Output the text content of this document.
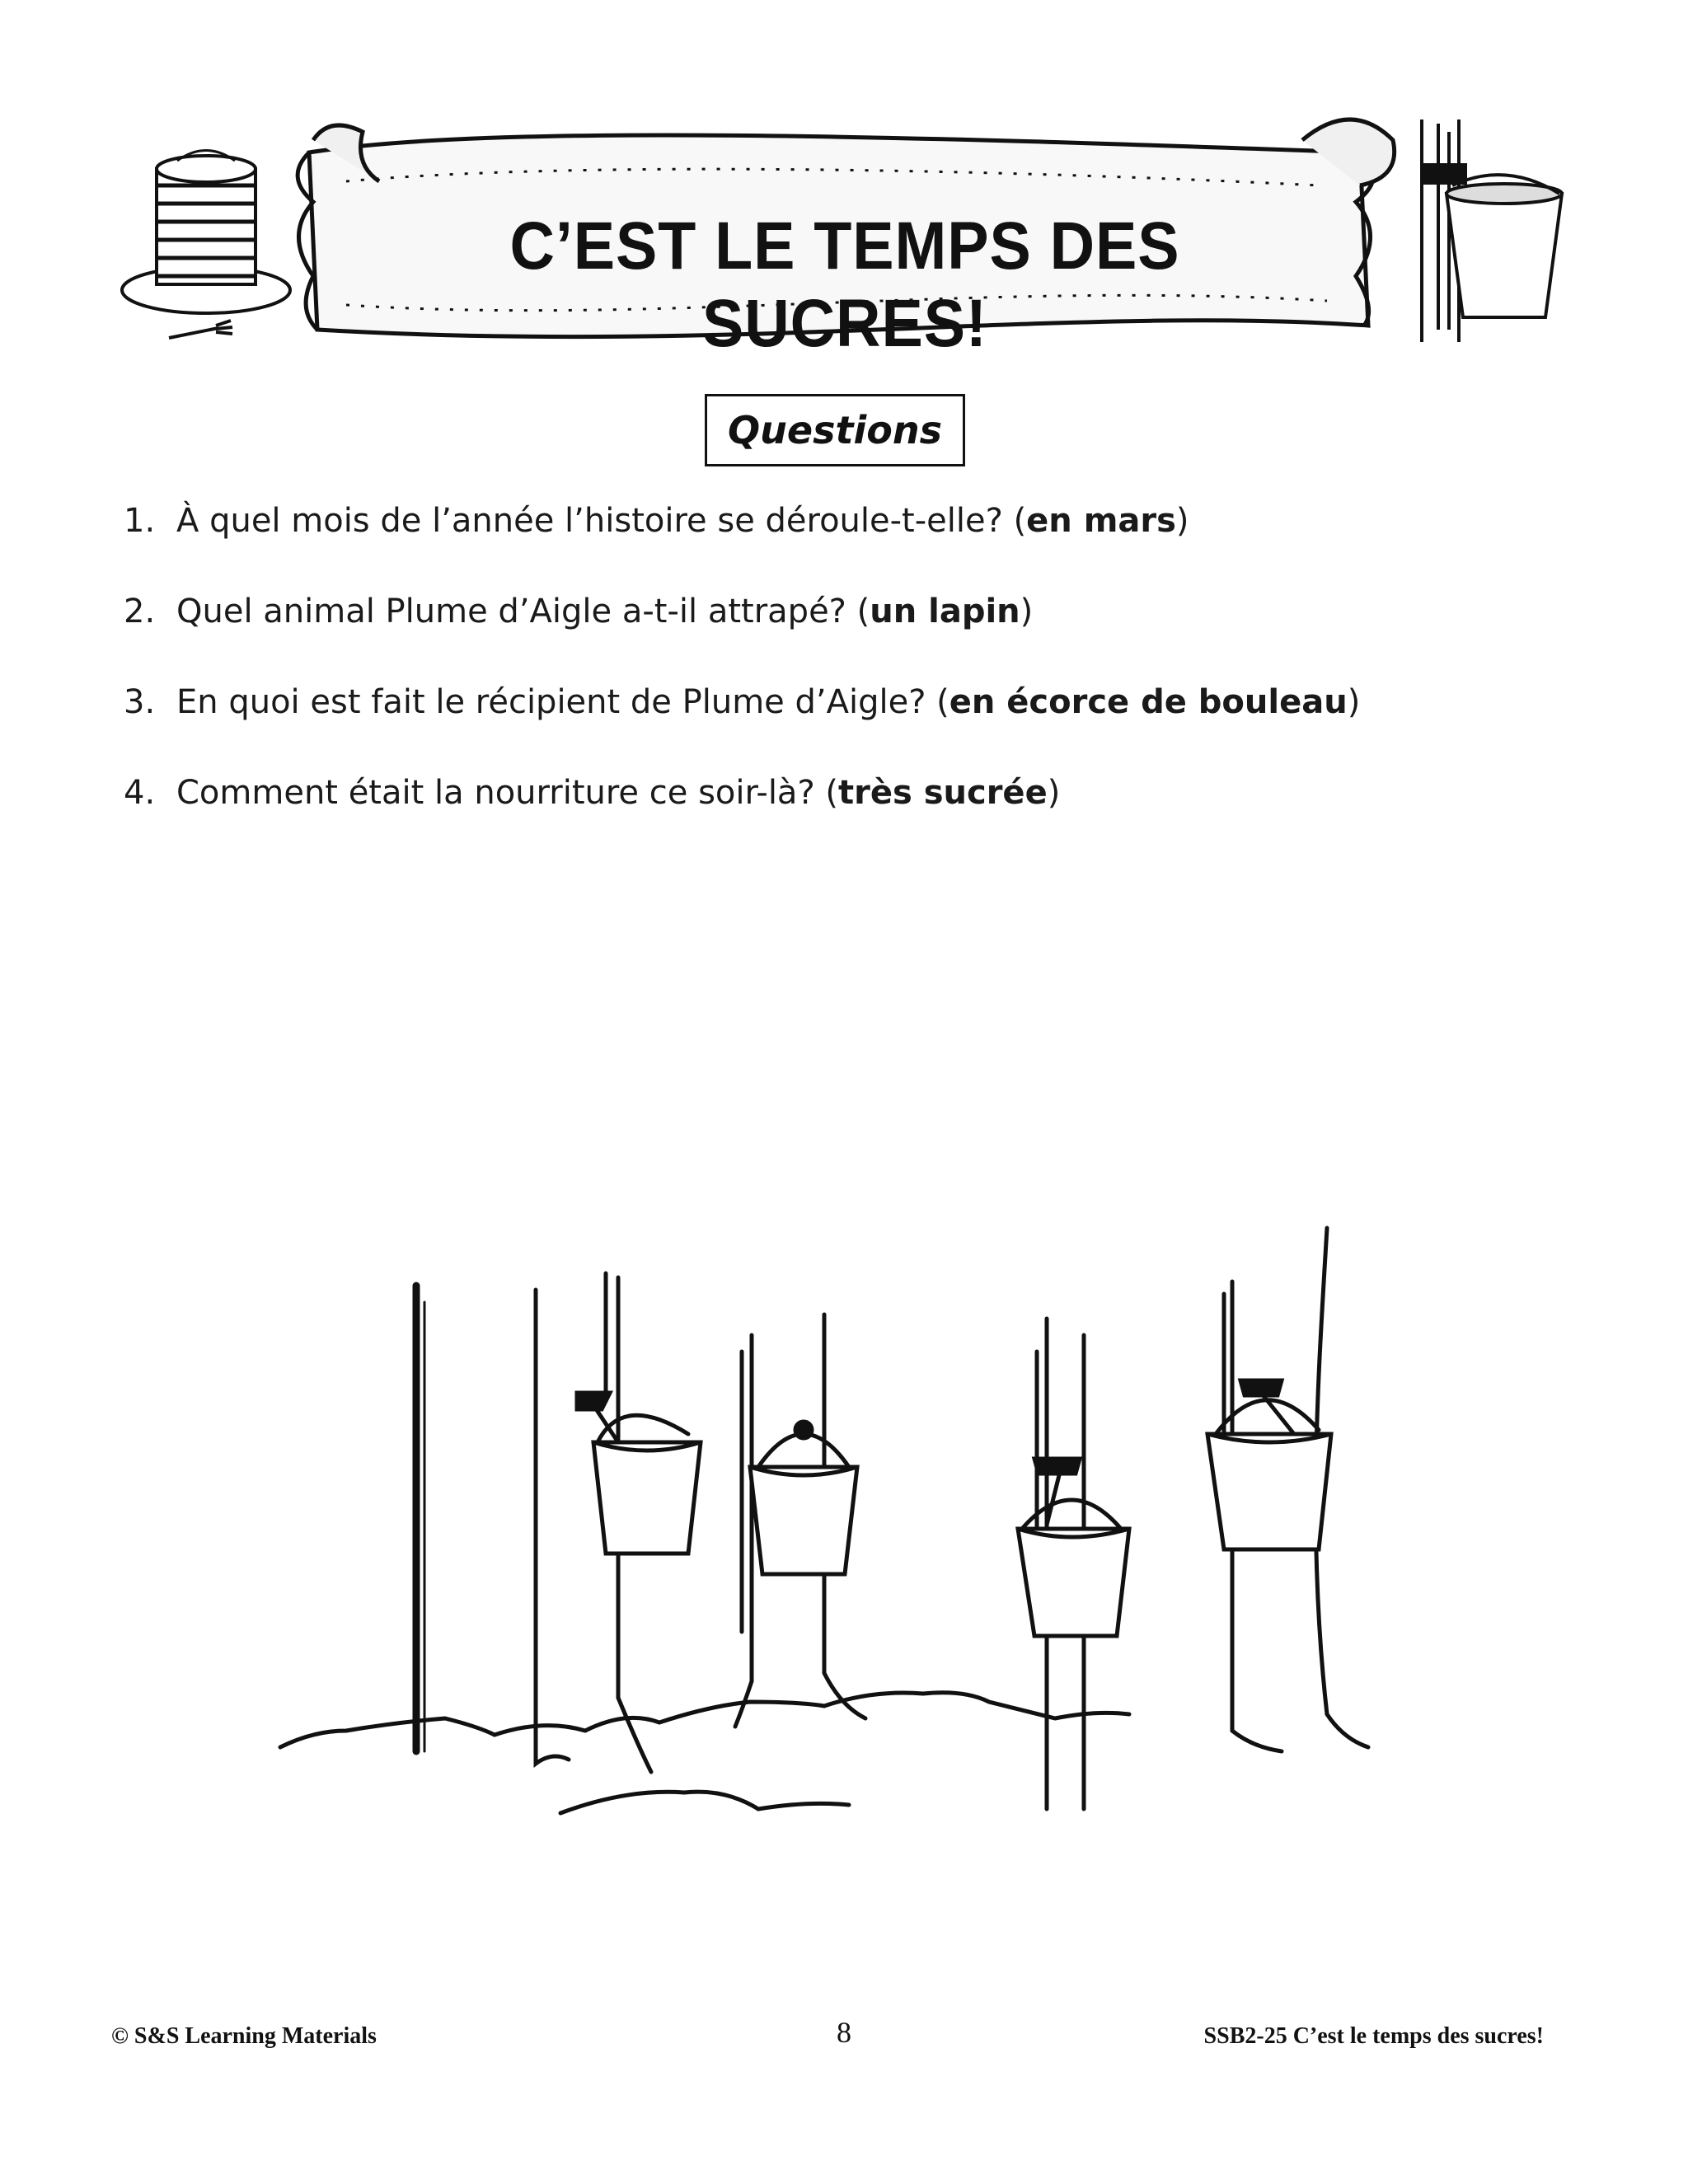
C’EST LE TEMPS DES SUCRES!
Questions
1. À quel mois de l’année l’histoire se déroule-t-elle? (en mars)
2. Quel animal Plume d’Aigle a-t-il attrapé? (un lapin)
3. En quoi est fait le récipient de Plume d’Aigle? (en écorce de bouleau)
4. Comment était la nourriture ce soir-là? (très sucrée)
© S&S Learning Materials	8	SSB2-25 C’est le temps des sucres!
